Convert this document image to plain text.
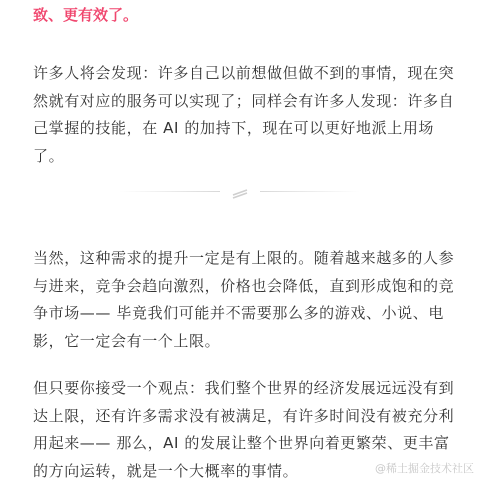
致、更有效了。

许多人将会发现：许多自己以前想做但做不到的事情，现在突然就有对应的服务可以实现了；同样会有许多人发现：许多自己掌握的技能，在 AI 的加持下，现在可以更好地派上用场了。

当然，这种需求的提升一定是有上限的。随着越来越多的人参与进来，竞争会趋向激烈，价格也会降低，直到形成饱和的竞争市场—— 毕竟我们可能并不需要那么多的游戏、小说、电影，它一定会有一个上限。

但只要你接受一个观点：我们整个世界的经济发展远远没有到达上限，还有许多需求没有被满足，有许多时间没有被充分利用起来—— 那么，AI 的发展让整个世界向着更繁荣、更丰富的方向运转，就是一个大概率的事情。	@稀土掘金技术社区
